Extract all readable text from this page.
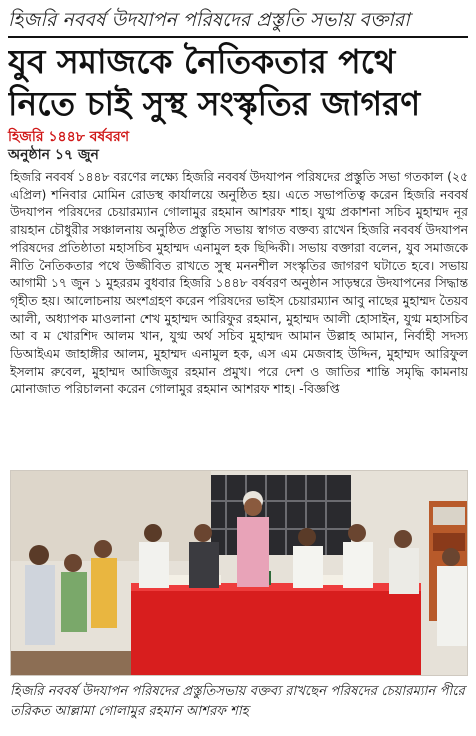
হিজরি নববর্ষ উদযাপন পরিষদের প্রস্তুতি সভায় বক্তারা
যুব সমাজকে নৈতিকতার পথে
নিতে চাই সুস্থ সংস্কৃতির জাগরণ
হিজরি ১৪৪৮ বর্ষবরণ
অনুষ্ঠান ১৭ জুন
হিজরি নববর্ষ ১৪৪৮ বরণের লক্ষ্যে হিজরি নববর্ষ উদযাপন পরিষদের প্রস্তুতি সভা গতকাল (২৫ এপ্রিল) শনিবার মোমিন রোডস্থ কার্যালয়ে অনুষ্ঠিত হয়। এতে সভাপতিত্ব করেন হিজরি নববর্ষ উদযাপন পরিষদের চেয়ারম্যান গোলামুর রহমান আশরফ শাহ। যুগ্ম প্রকাশনা সচিব মুহাম্মদ নূর রায়হান চৌধুরীর সঞ্চালনায় অনুষ্ঠিত প্রস্তুতি সভায় স্বাগত বক্তব্য রাখেন হিজরি নববর্ষ উদযাপন পরিষদের প্রতিষ্ঠাতা মহাসচিব মুহাম্মদ এনামুল হক ছিদ্দিকী। সভায় বক্তারা বলেন, যুব সমাজকে নীতি নৈতিকতার পথে উজ্জীবিত রাখতে সুস্থ মননশীল সংস্কৃতির জাগরণ ঘটাতে হবে। সভায় আগামী ১৭ জুন ১ মুহররম বুধবার হিজরি ১৪৪৮ বর্ষবরণ অনুষ্ঠান সাড়ম্বরে উদযাপনের সিদ্ধান্ত গৃহীত হয়। আলোচনায় অংশগ্রহণ করেন পরিষদের ভাইস চেয়ারম্যান আবু নাছের মুহাম্মদ তৈয়ব আলী, অধ্যাপক মাওলানা শেখ মুহাম্মদ আরিফুর রহমান, মুহাম্মদ আলী হোসাইন, যুগ্ম মহাসচিব আ ব ম খোরশিদ আলম খান, যুগ্ম অর্থ সচিব মুহাম্মদ আমান উল্লাহ আমান, নির্বাহী সদস্য ডিআইএম জাহাঙ্গীর আলম, মুহাম্মদ এনামুল হক, এস এম মেজবাহ উদ্দিন, মুহাম্মদ আরিফুল ইসলাম রুবেল, মুহাম্মদ আজিজুর রহমান প্রমুখ। পরে দেশ ও জাতির শান্তি সমৃদ্ধি কামনায় মোনাজাত পরিচালনা করেন গোলামুর রহমান আশরফ শাহ। -বিজ্ঞপ্তি
হিজরি নববর্ষ উদযাপন পরিষদের প্রস্তুতিসভায় বক্তব্য রাখছেন পরিষদের চেয়ারম্যান পীরে তরিকত আল্লামা গোলামুর রহমান আশরফ শাহ
